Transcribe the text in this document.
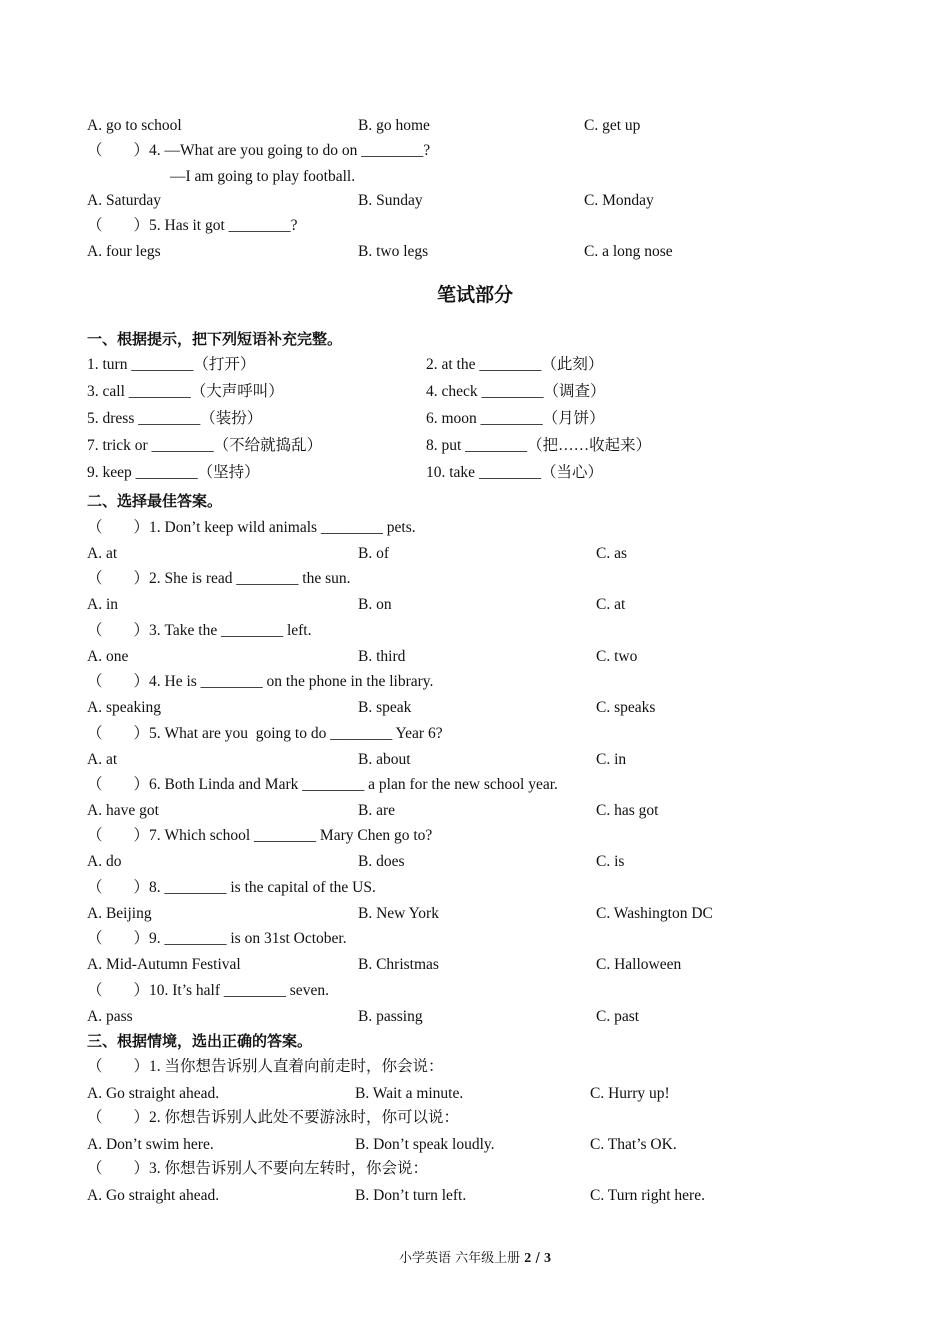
A. go to school

	B. go home

	C. get up

（        ）4. —What are you going to do on ________?

—I am going to play football.

A. Saturday

	B. Sunday

	C. Monday

（        ）5. Has it got ________?

A. four legs

	B. two legs

	C. a long nose

笔试部分
一、根据提示，把下列短语补充完整。
1. turn ________（打开）	2. at the ________（此刻）
3. call ________（大声呼叫）	4. check ________（调查）
5. dress ________（装扮）	6. moon ________（月饼）
7. trick or ________（不给就捣乱）	8. put ________（把……收起来）
9. keep ________（坚持）	10. take ________（当心）
二、选择最佳答案。
（        ）1. Don’t keep wild animals ________ pets.
A. at	B. of	C. as
（        ）2. She is read ________ the sun.
A. in	B. on	C. at
（        ）3. Take the ________ left.
A. one	B. third	C. two
（        ）4. He is ________ on the phone in the library.
A. speaking	B. speak	C. speaks
（        ）5. What are you  going to do ________ Year 6?
A. at	B. about	C. in
（        ）6. Both Linda and Mark ________ a plan for the new school year.
A. have got	B. are	C. has got
（        ）7. Which school ________ Mary Chen go to?
A. do	B. does	C. is
（        ）8. ________ is the capital of the US.
A. Beijing	B. New York	C. Washington DC
（        ）9. ________ is on 31st October.
A. Mid-Autumn Festival	B. Christmas	C. Halloween
（        ）10. It’s half ________ seven.
A. pass	B. passing	C. past
三、根据情境，选出正确的答案。
（        ）1. 当你想告诉别人直着向前走时，你会说：
A. Go straight ahead.	B. Wait a minute.	C. Hurry up!
（        ）2. 你想告诉别人此处不要游泳时，你可以说：
A. Don’t swim here.	B. Don’t speak loudly.	C. That’s OK.
（        ）3. 你想告诉别人不要向左转时，你会说：
A. Go straight ahead.	B. Don’t turn left.	C. Turn right here.
小学英语 六年级上册 2 / 3
